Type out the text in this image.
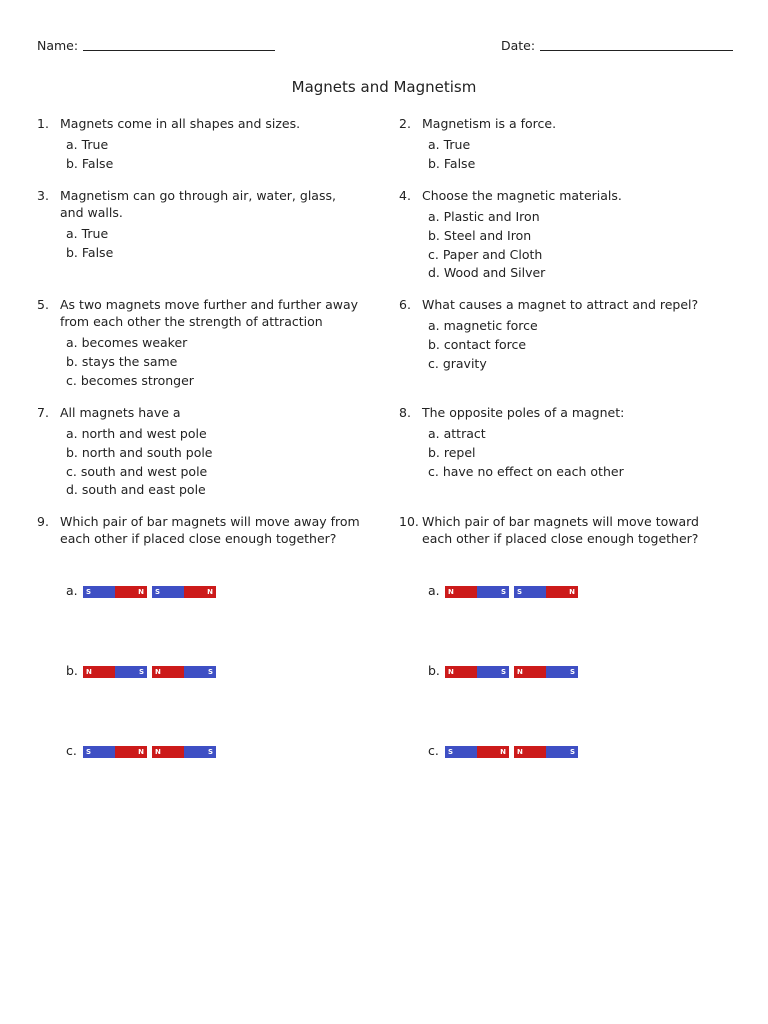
Name:	Date:
Magnets and Magnetism
1. Magnets come in all shapes and sizes.
a. True
b. False
2. Magnetism is a force.
a. True
b. False
3. Magnetism can go through air, water, glass, and walls.
a. True
b. False
4. Choose the magnetic materials.
a. Plastic and Iron
b. Steel and Iron
c. Paper and Cloth
d. Wood and Silver
5. As two magnets move further and further away from each other the strength of attraction
a. becomes weaker
b. stays the same
c. becomes stronger
6. What causes a magnet to attract and repel?
a. magnetic force
b. contact force
c. gravity
7. All magnets have a
a. north and west pole
b. north and south pole
c. south and west pole
d. south and east pole
8. The opposite poles of a magnet:
a. attract
b. repel
c. have no effect on each other
9. Which pair of bar magnets will move away from each other if placed close enough together?
10. Which pair of bar magnets will move toward each other if placed close enough together?
a.	S	N S	N
b.	N	S N	S
c.	S	N N	S
a.	N	S S	N
b.	N	S N	S
c.	S	N N	S
